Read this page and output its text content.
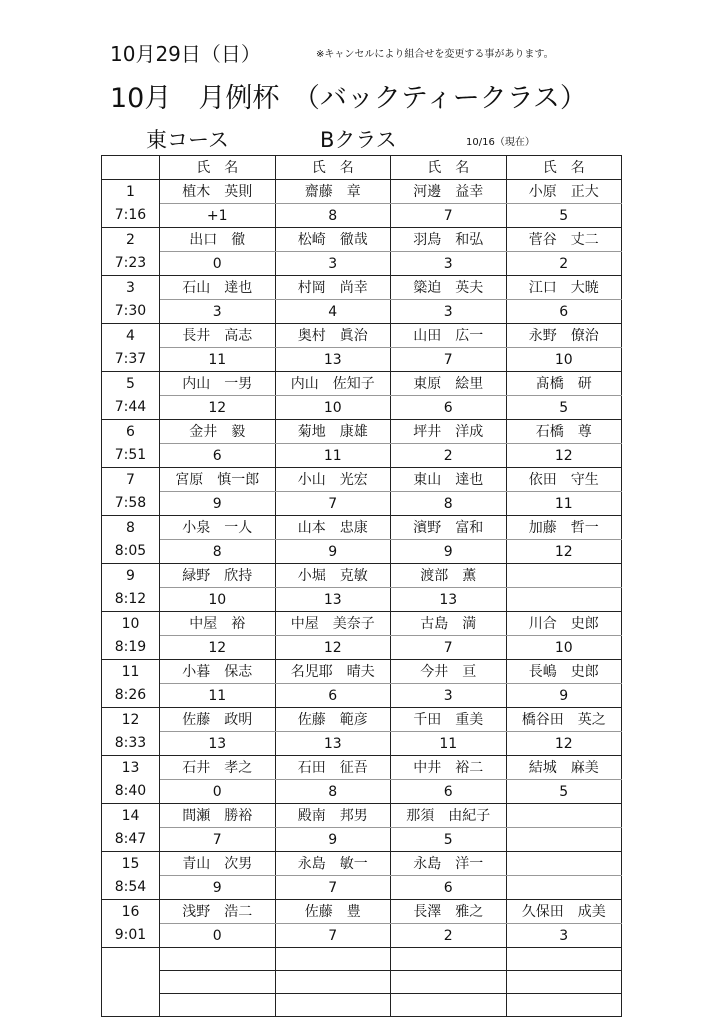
10月29日（日）	※キャンセルにより組合せを変更する事があります。
10月　月例杯　（バックティークラス）
東コース	Bクラス	10/16（現在）
	氏　名	氏　名	氏　名	氏　名
1	植木　英則	齋藤　章	河邊　益幸	小原　正大
7:16	+1	8	7	5
2	出口　徹	松崎　徹哉	羽鳥　和弘	菅谷　丈二
7:23	0	3	3	2
3	石山　達也	村岡　尚幸	簗迫　英夫	江口　大暁
7:30	3	4	3	6
4	長井　高志	奥村　眞治	山田　広一	永野　僚治
7:37	11	13	7	10
5	内山　一男	内山　佐知子	東原　絵里	髙橋　研
7:44	12	10	6	5
6	金井　毅	菊地　康雄	坪井　洋成	石橋　尊
7:51	6	11	2	12
7	宮原　慎一郎	小山　光宏	東山　達也	依田　守生
7:58	9	7	8	11
8	小泉　一人	山本　忠康	濱野　富和	加藤　哲一
8:05	8	9	9	12
9	緑野　欣持	小堀　克敏	渡部　薫	
8:12	10	13	13	
10	中屋　裕	中屋　美奈子	古島　満	川合　史郎
8:19	12	12	7	10
11	小暮　保志	名児耶　晴夫	今井　亘	長嶋　史郎
8:26	11	6	3	9
12	佐藤　政明	佐藤　範彦	千田　重美	橋谷田　英之
8:33	13	13	11	12
13	石井　孝之	石田　征吾	中井　裕二	結城　麻美
8:40	0	8	6	5
14	間瀬　勝裕	殿南　邦男	那須　由紀子	
8:47	7	9	5	
15	青山　次男	永島　敏一	永島　洋一	
8:54	9	7	6	
16	浅野　浩二	佐藤　豊	長澤　雅之	久保田　成美
9:01	0	7	2	3
